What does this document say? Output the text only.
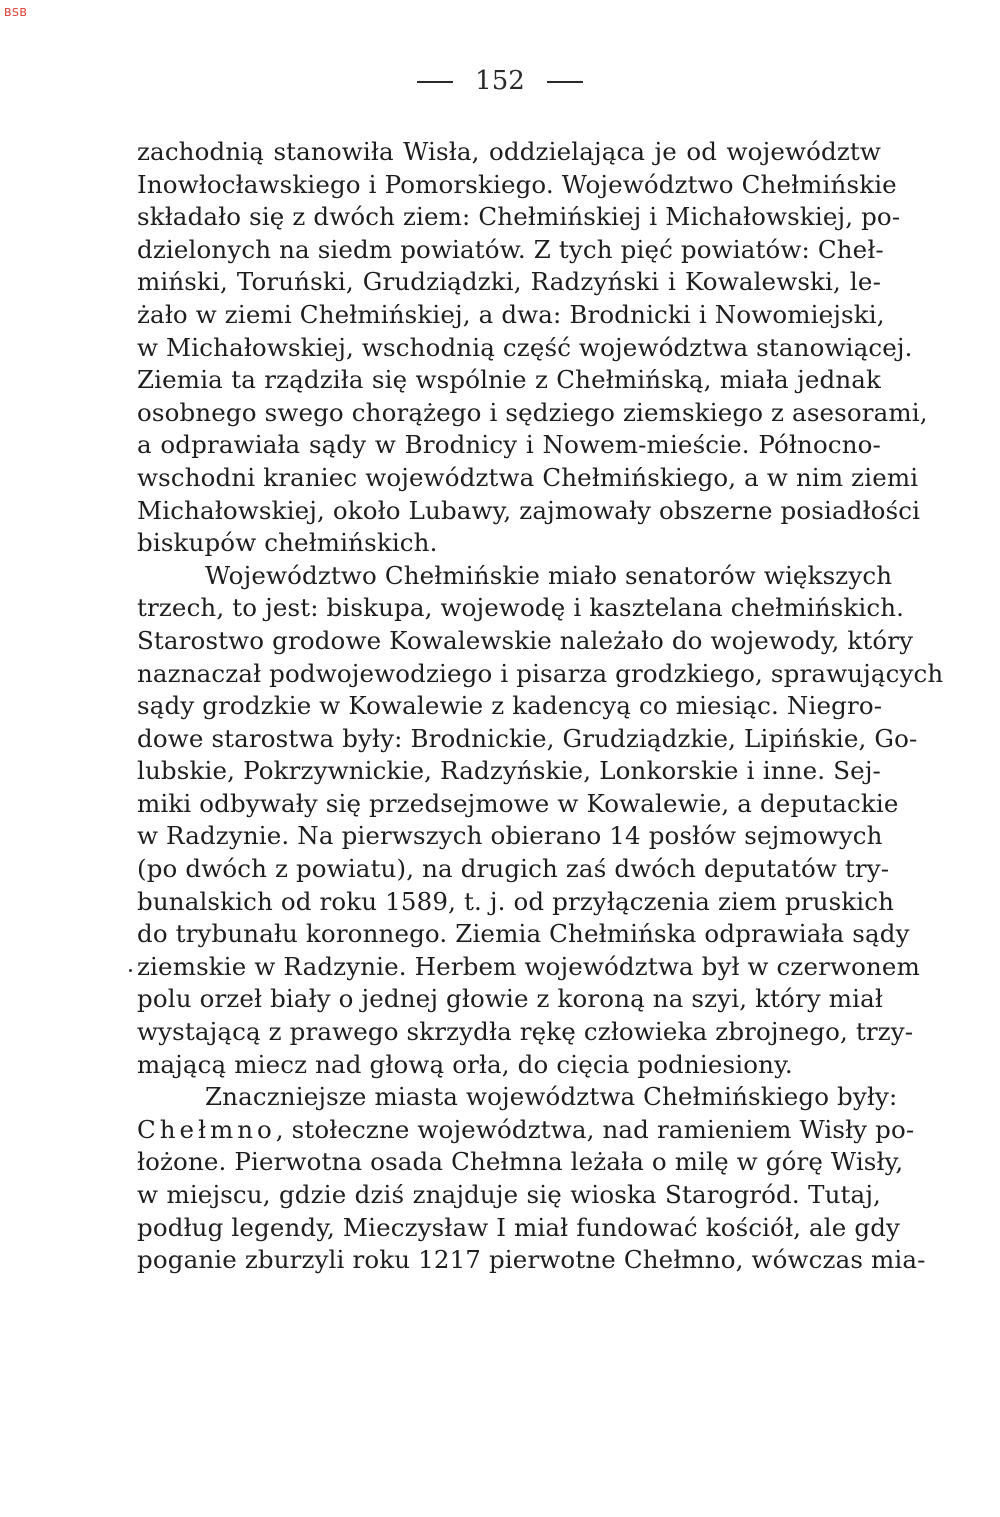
BSB
152
zachodnią stanowiła Wisła, oddzielająca je od województw
Inowłocławskiego i Pomorskiego. Województwo Chełmińskie
składało się z dwóch ziem: Chełmińskiej i Michałowskiej, po-
dzielonych na siedm powiatów. Z tych pięć powiatów: Cheł-
miński, Toruński, Grudziądzki, Radzyński i Kowalewski, le-
żało w ziemi Chełmińskiej, a dwa: Brodnicki i Nowomiejski,
w Michałowskiej, wschodnią część województwa stanowiącej.
Ziemia ta rządziła się wspólnie z Chełmińską, miała jednak
osobnego swego chorążego i sędziego ziemskiego z asesorami,
a odprawiała sądy w Brodnicy i Nowem-mieście. Północno-
wschodni kraniec województwa Chełmińskiego, a w nim ziemi
Michałowskiej, około Lubawy, zajmowały obszerne posiadłości
biskupów chełmińskich.
Województwo Chełmińskie miało senatorów większych
trzech, to jest: biskupa, wojewodę i kasztelana chełmińskich.
Starostwo grodowe Kowalewskie należało do wojewody, który
naznaczał podwojewodziego i pisarza grodzkiego, sprawujących
sądy grodzkie w Kowalewie z kadencyą co miesiąc. Niegro-
dowe starostwa były: Brodnickie, Grudziądzkie, Lipińskie, Go-
lubskie, Pokrzywnickie, Radzyńskie, Lonkorskie i inne. Sej-
miki odbywały się przedsejmowe w Kowalewie, a deputackie
w Radzynie. Na pierwszych obierano 14 posłów sejmowych
(po dwóch z powiatu), na drugich zaś dwóch deputatów try-
bunalskich od roku 1589, t. j. od przyłączenia ziem pruskich
do trybunału koronnego. Ziemia Chełmińska odprawiała sądy
ziemskie w Radzynie. Herbem województwa był w czerwonem
polu orzeł biały o jednej głowie z koroną na szyi, który miał
wystającą z prawego skrzydła rękę człowieka zbrojnego, trzy-
mającą miecz nad głową orła, do cięcia podniesiony.
Znaczniejsze miasta województwa Chełmińskiego były:
Chełmno, stołeczne województwa, nad ramieniem Wisły po-
łożone. Pierwotna osada Chełmna leżała o milę w górę Wisły,
w miejscu, gdzie dziś znajduje się wioska Starogród. Tutaj,
podług legendy, Mieczysław I miał fundować kościół, ale gdy
poganie zburzyli roku 1217 pierwotne Chełmno, wówczas mia-
